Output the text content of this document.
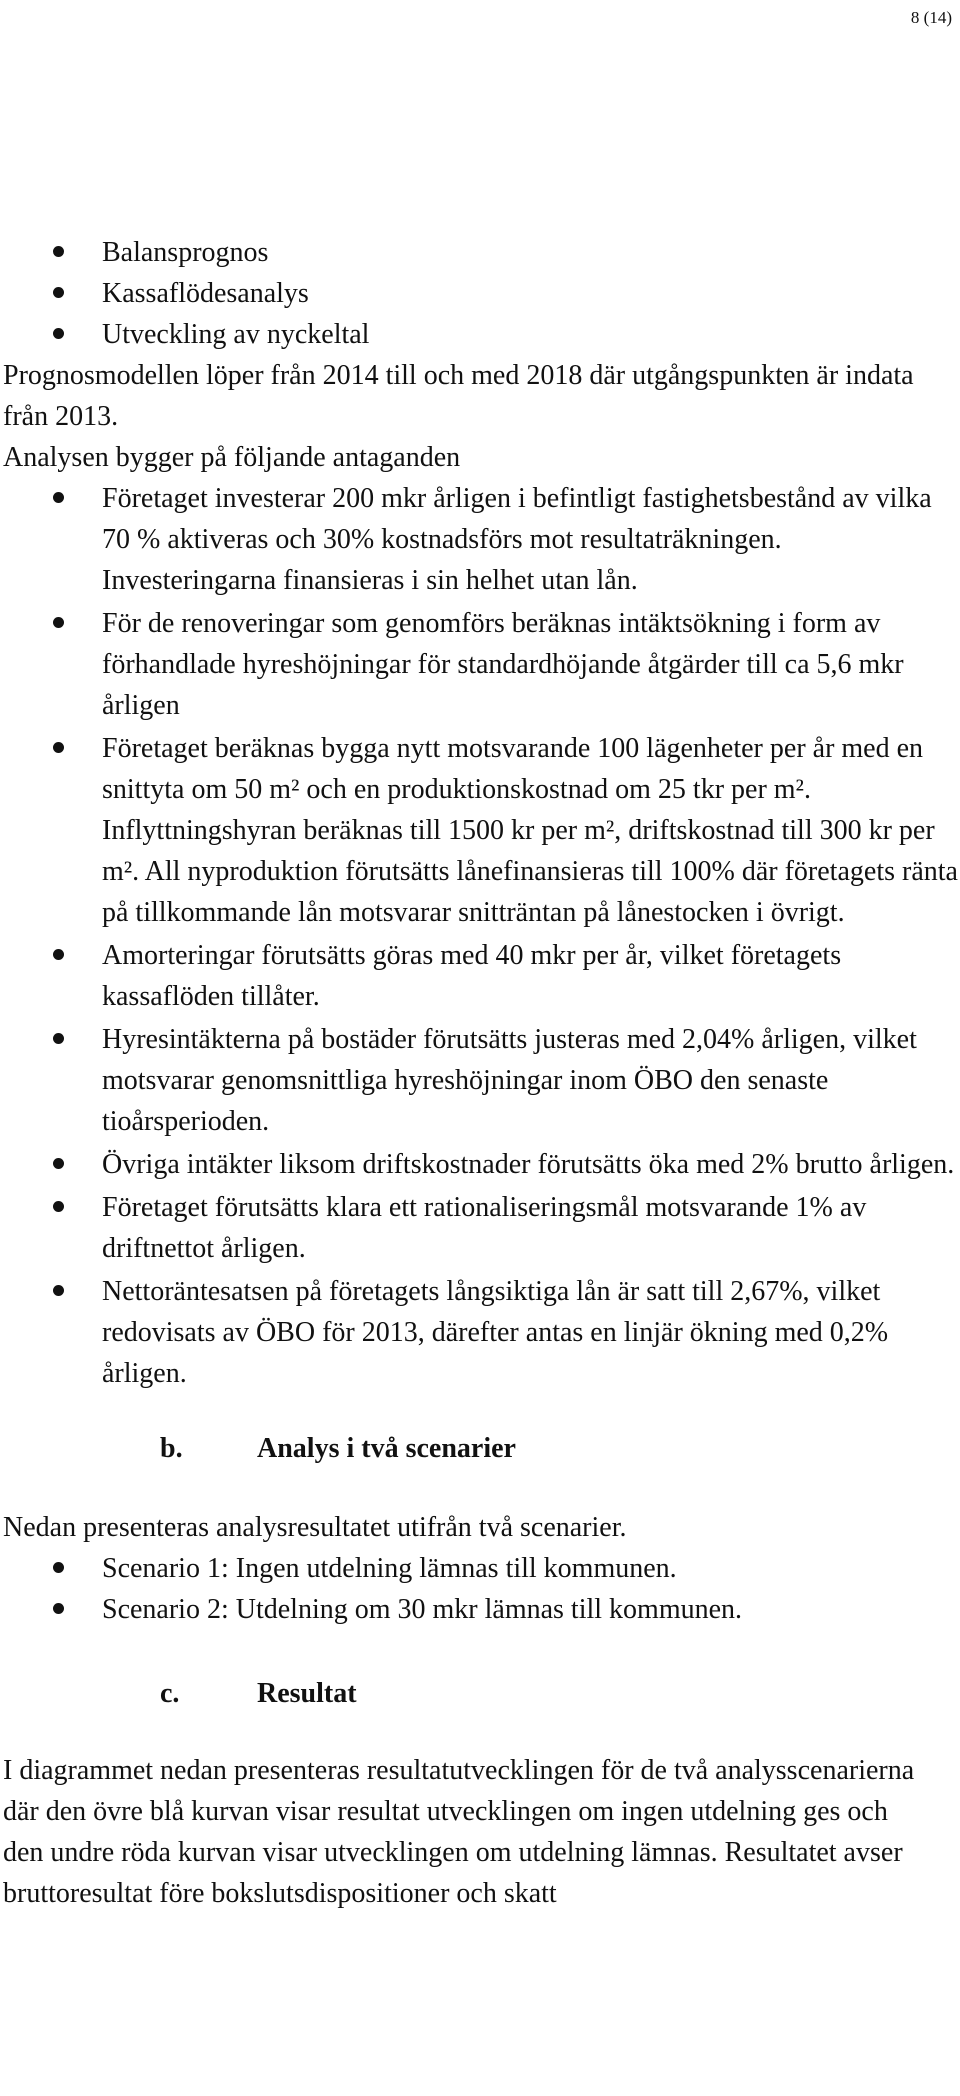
8 (14)
Balansprognos
Kassaflödesanalys
Utveckling av nyckeltal

Prognosmodellen löper från 2014 till och med 2018 där utgångspunkten är indata från 2013.

Analysen bygger på följande antaganden

Företaget investerar 200 mkr årligen i befintligt fastighetsbestånd av vilka 70 % aktiveras och 30% kostnadsförs mot resultaträkningen. Investeringarna finansieras i sin helhet utan lån.
För de renoveringar som genomförs beräknas intäktsökning i form av förhandlade hyreshöjningar för standardhöjande åtgärder till ca 5,6 mkr årligen
Företaget beräknas bygga nytt motsvarande 100 lägenheter per år med en snittyta om 50 m² och en produktionskostnad om 25 tkr per m². Inflyttningshyran beräknas till 1500 kr per m², driftskostnad till 300 kr per m². All nyproduktion förutsätts lånefinansieras till 100% där företagets ränta på tillkommande lån motsvarar snitträntan på lånestocken i övrigt.
Amorteringar förutsätts göras med 40 mkr per år, vilket företagets kassaflöden tillåter.
Hyresintäkterna på bostäder förutsätts justeras med 2,04% årligen, vilket motsvarar genomsnittliga hyreshöjningar inom ÖBO den senaste tioårsperioden.
Övriga intäkter liksom driftskostnader förutsätts öka med 2% brutto årligen.
Företaget förutsätts klara ett rationaliseringsmål motsvarande 1% av driftnettot årligen.
Nettoräntesatsen på företagets långsiktiga lån är satt till 2,67%, vilket redovisats av ÖBO för 2013, därefter antas en linjär ökning med 0,2% årligen.
b.	Analys i två scenarier

Nedan presenteras analysresultatet utifrån två scenarier.

Scenario 1: Ingen utdelning lämnas till kommunen.
Scenario 2: Utdelning om 30 mkr lämnas till kommunen.
c.	Resultat

I diagrammet nedan presenteras resultatutvecklingen för de två analysscenarierna där den övre blå kurvan visar resultat utvecklingen om ingen utdelning ges och den undre röda kurvan visar utvecklingen om utdelning lämnas. Resultatet avser bruttoresultat före bokslutsdispositioner och skatt
